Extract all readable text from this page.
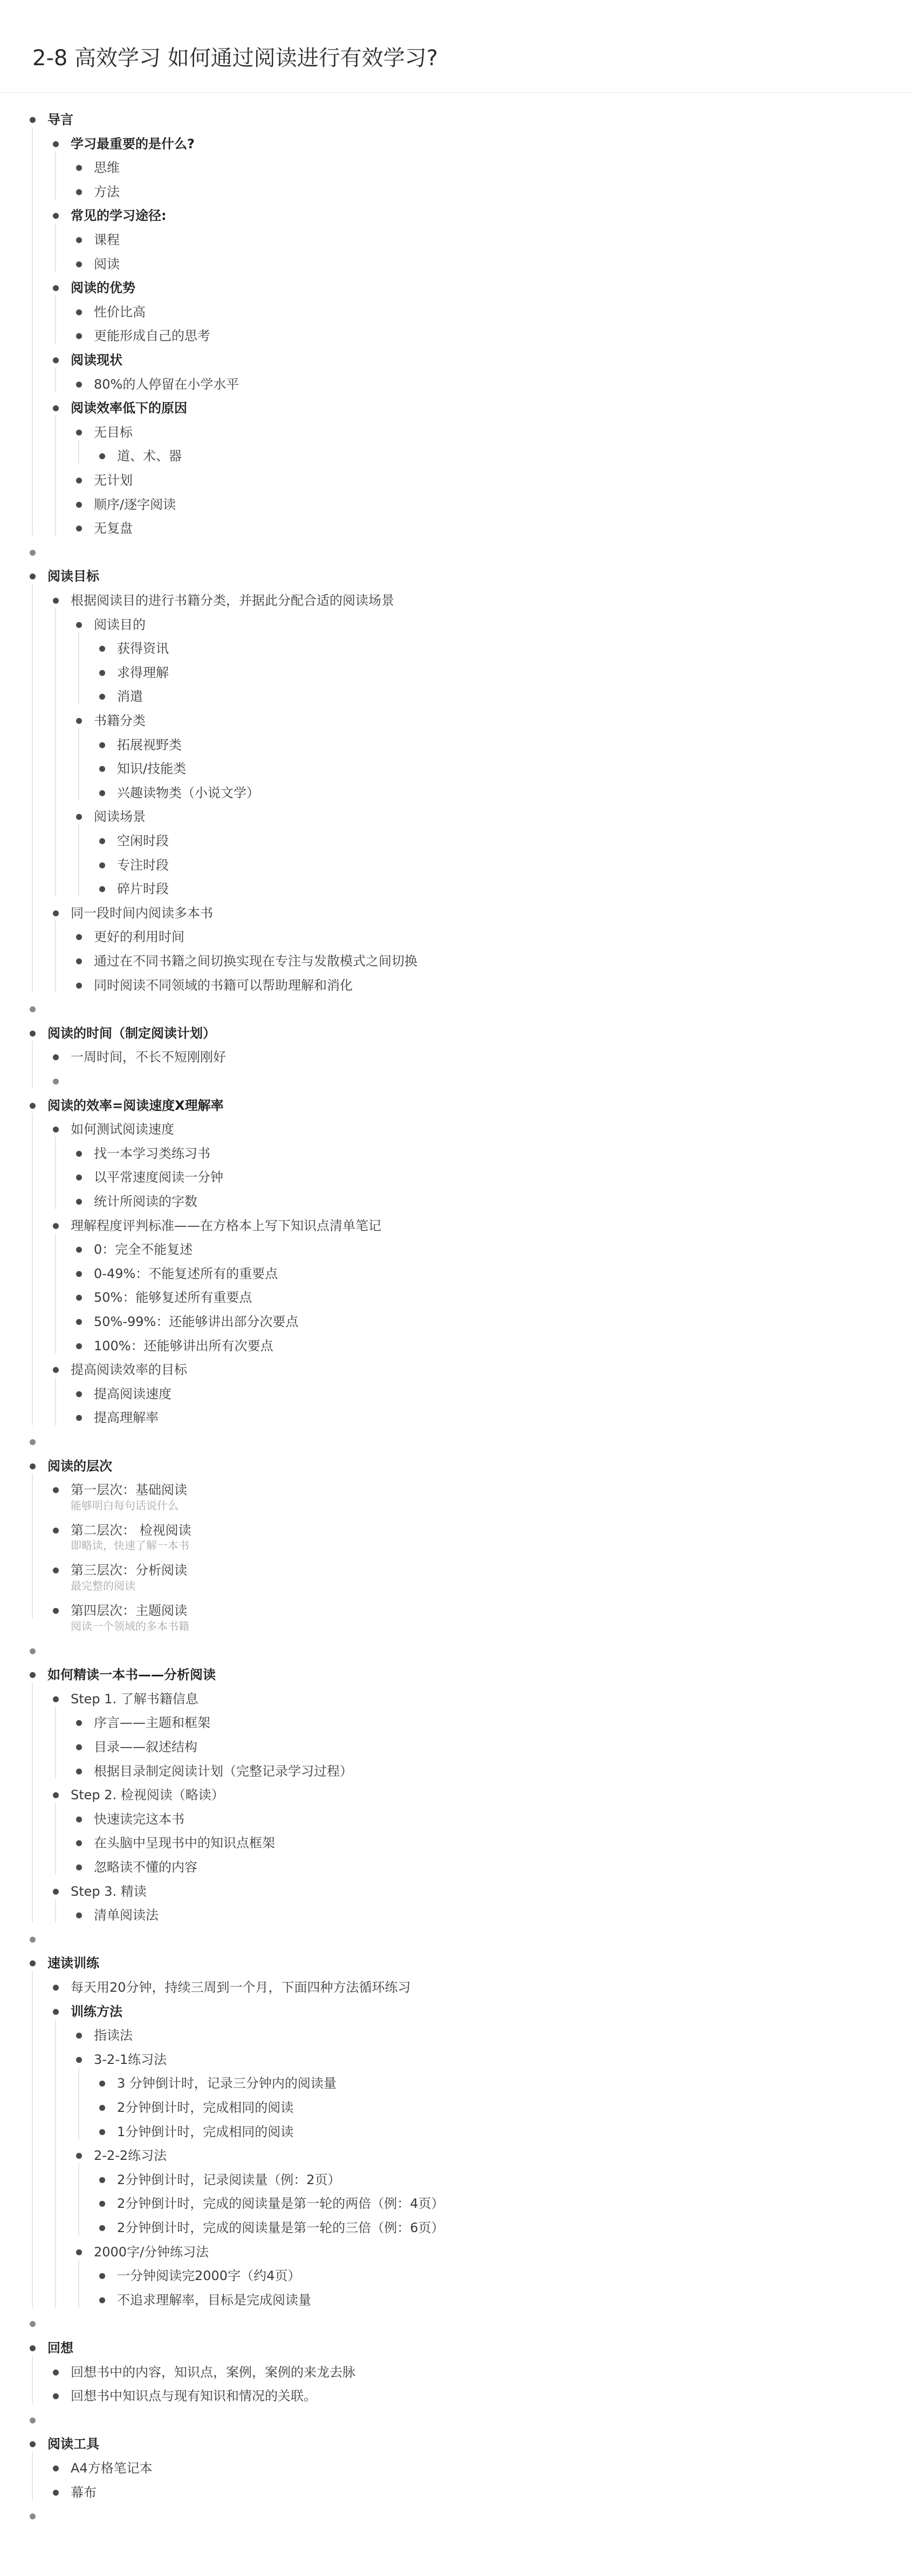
2-8 高效学习 如何通过阅读进行有效学习?
导言
学习最重要的是什么?
思维
方法
常见的学习途径:
课程
阅读
阅读的优势
性价比高
更能形成自己的思考
阅读现状
80%的人停留在小学水平
阅读效率低下的原因
无目标
道、术、器
无计划
顺序/逐字阅读
无复盘
阅读目标
根据阅读目的进行书籍分类，并据此分配合适的阅读场景
阅读目的
获得资讯
求得理解
消遣
书籍分类
拓展视野类
知识/技能类
兴趣读物类（小说文学）
阅读场景
空闲时段
专注时段
碎片时段
同一段时间内阅读多本书
更好的利用时间
通过在不同书籍之间切换实现在专注与发散模式之间切换
同时阅读不同领域的书籍可以帮助理解和消化
阅读的时间（制定阅读计划）
一周时间，不长不短刚刚好
阅读的效率=阅读速度X理解率
如何测试阅读速度
找一本学习类练习书
以平常速度阅读一分钟
统计所阅读的字数
理解程度评判标准——在方格本上写下知识点清单笔记
0：完全不能复述
0-49%：不能复述所有的重要点
50%：能够复述所有重要点
50%-99%：还能够讲出部分次要点
100%：还能够讲出所有次要点
提高阅读效率的目标
提高阅读速度
提高理解率
阅读的层次
第一层次：基础阅读
能够明白每句话说什么
第二层次： 检视阅读
即略读，快速了解一本书
第三层次：分析阅读
最完整的阅读
第四层次：主题阅读
阅读一个领域的多本书籍
如何精读一本书——分析阅读
Step 1. 了解书籍信息
序言——主题和框架
目录——叙述结构
根据目录制定阅读计划（完整记录学习过程）
Step 2. 检视阅读（略读）
快速读完这本书
在头脑中呈现书中的知识点框架
忽略读不懂的内容
Step 3. 精读
清单阅读法
速读训练
每天用20分钟，持续三周到一个月，下面四种方法循环练习
训练方法
指读法
3-2-1练习法
3 分钟倒计时，记录三分钟内的阅读量
2分钟倒计时，完成相同的阅读
1分钟倒计时，完成相同的阅读
2-2-2练习法
2分钟倒计时，记录阅读量（例：2页）
2分钟倒计时，完成的阅读量是第一轮的两倍（例：4页）
2分钟倒计时，完成的阅读量是第一轮的三倍（例：6页）
2000字/分钟练习法
一分钟阅读完2000字（约4页）
不追求理解率，目标是完成阅读量
回想
回想书中的内容，知识点，案例，案例的来龙去脉
回想书中知识点与现有知识和情况的关联。
阅读工具
A4方格笔记本
幕布
